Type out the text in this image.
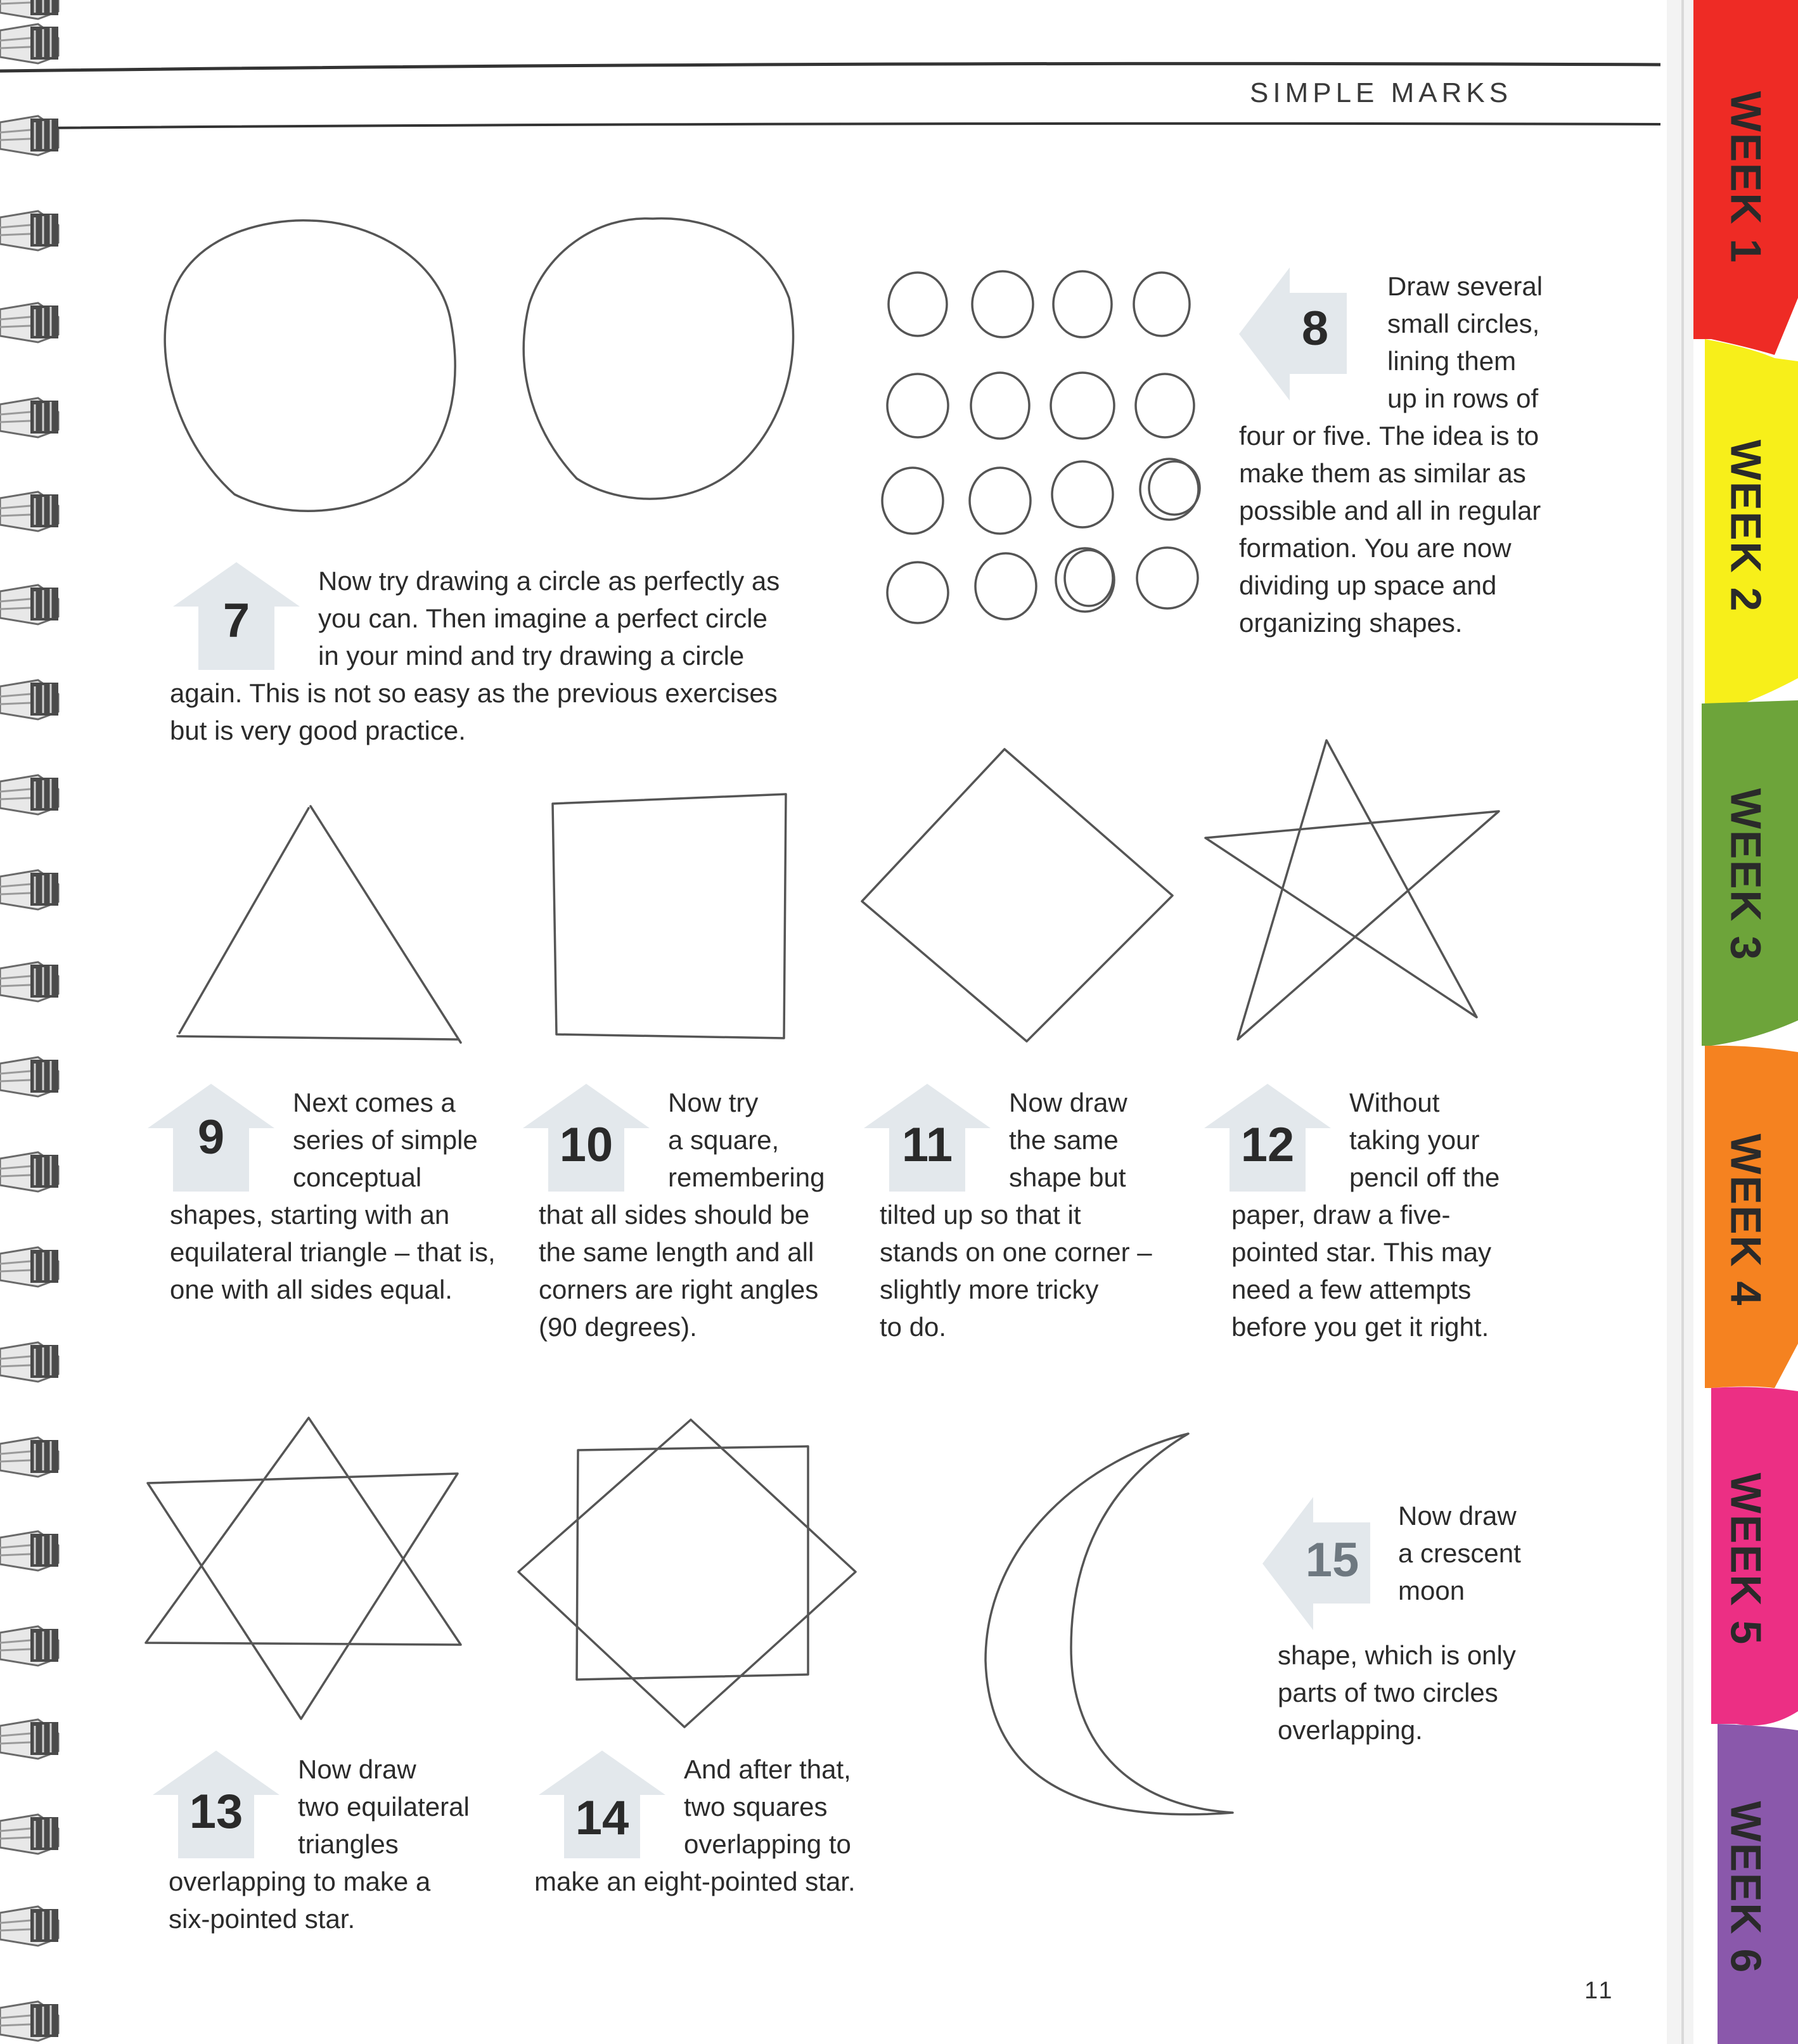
SIMPLE MARKS
7

Now try drawing a circle as perfectly as

you can. Then imagine a perfect circle

in your mind and try drawing a circle

again. This is not so easy as the previous exercises

but is very good practice.

8

Draw several

small circles,

lining them

up in rows of

four or five. The idea is to

make them as similar as

possible and all in regular

formation. You are now

dividing up space and

organizing shapes.

9

Next comes a

series of simple

conceptual

shapes, starting with an

equilateral triangle – that is,

one with all sides equal.

10

Now try

a square,

remembering

that all sides should be

the same length and all

corners are right angles

(90 degrees).

11

Now draw

the same

shape but

tilted up so that it

stands on one corner –

slightly more tricky

to do.

12

Without

taking your

pencil off the

paper, draw a five-

pointed star. This may

need a few attempts

before you get it right.

13

Now draw

two equilateral

triangles

overlapping to make a

six-pointed star.

14

And after that,

two squares

overlapping to

make an eight-pointed star.

15

Now draw

a crescent

moon

shape, which is only

parts of two circles

overlapping.

WEEK 1
WEEK 2
WEEK 3
WEEK 4
WEEK 5
WEEK 6
11
